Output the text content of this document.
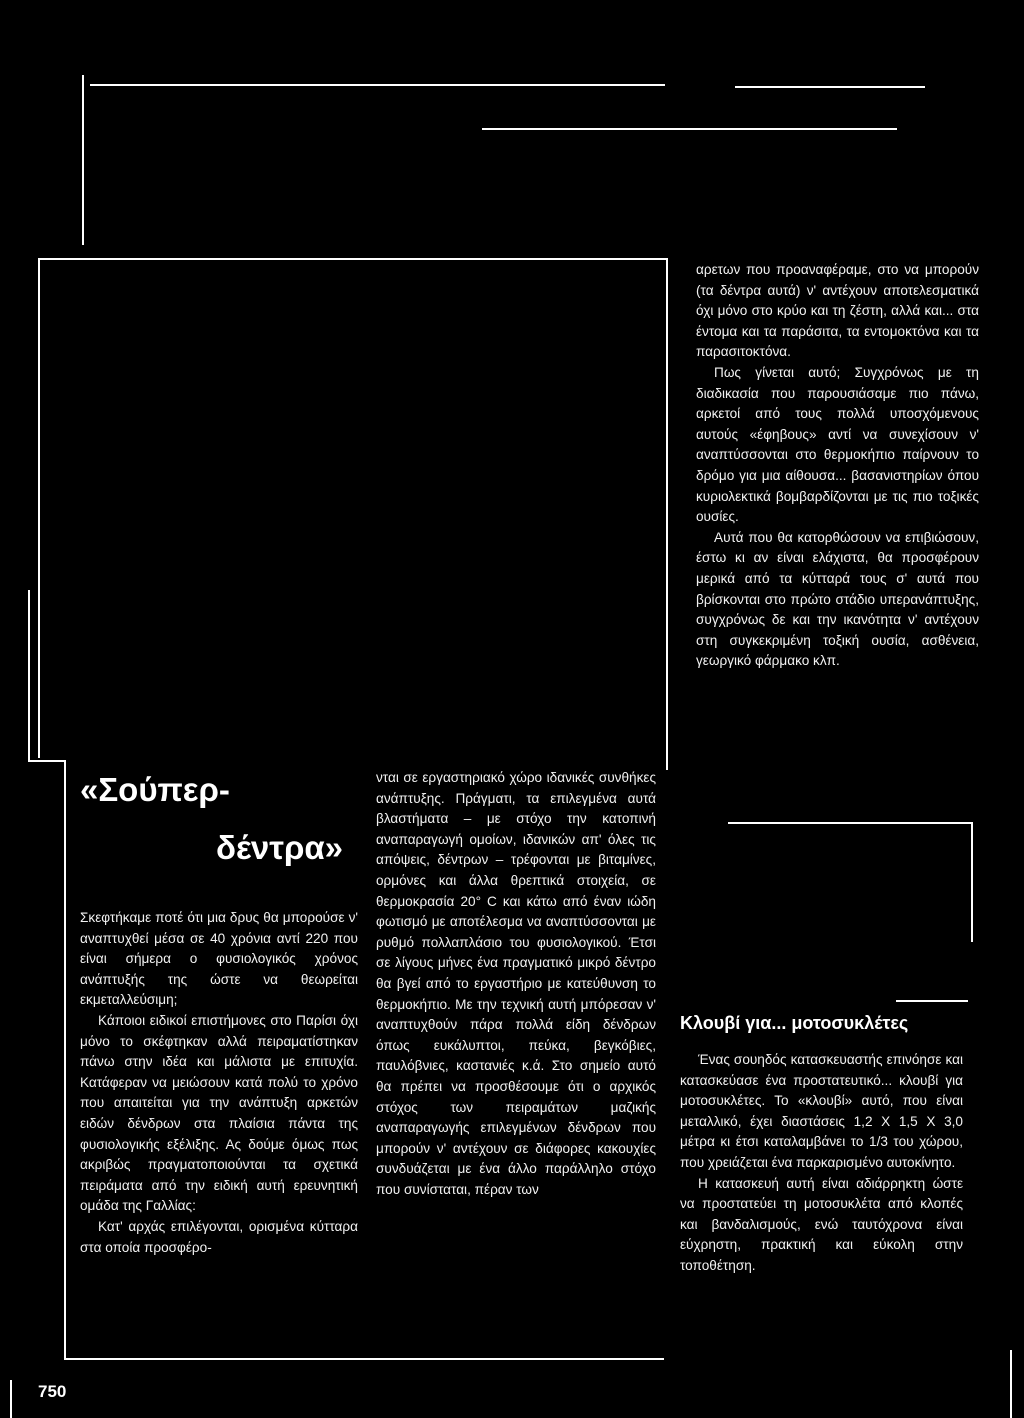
«Σούπερ-
δέντρα»

Σκεφτήκαμε ποτέ ότι μια δρυς θα μπορούσε ν' αναπτυχθεί μέσα σε 40 χρόνια αντί 220 που είναι σήμερα ο φυσιολογικός χρόνος ανάπτυξής της ώστε να θεωρείται εκμεταλλεύσιμη;

Κάποιοι ειδικοί επιστήμονες στο Παρίσι όχι μόνο το σκέφτηκαν αλλά πειραματίστηκαν πάνω στην ιδέα και μάλιστα με επιτυχία. Κατάφεραν να μειώσουν κατά πολύ το χρόνο που απαιτείται για την ανάπτυξη αρκετών ειδών δένδρων στα πλαίσια πάντα της φυσιολογικής εξέλιξης. Ας δούμε όμως πως ακριβώς πραγματοποιούνται τα σχετικά πειράματα από την ειδική αυτή ερευνητική ομάδα της Γαλλίας:

Κατ' αρχάς επιλέγονται, ορισμένα κύτταρα στα οποία προσφέρο-

νται σε εργαστηριακό χώρο ιδανικές συνθήκες ανάπτυξης. Πράγματι, τα επιλεγμένα αυτά βλαστήματα – με στόχο την κατοπινή αναπαραγωγή ομοίων, ιδανικών απ' όλες τις απόψεις, δέντρων – τρέφονται με βιταμίνες, ορμόνες και άλλα θρεπτικά στοιχεία, σε θερμοκρασία 20° C και κάτω από έναν ιώδη φωτισμό με αποτέλεσμα να αναπτύσσονται με ρυθμό πολλαπλάσιο του φυσιολογικού. Έτσι σε λίγους μήνες ένα πραγματικό μικρό δέντρο θα βγεί από το εργαστήριο με κατεύθυνση το θερμοκήπιο. Με την τεχνική αυτή μπόρεσαν ν' αναπτυχθούν πάρα πολλά είδη δένδρων όπως ευκάλυπτοι, πεύκα, βεγκόβιες, παυλόβνιες, καστανιές κ.ά. Στο σημείο αυτό θα πρέπει να προσθέσουμε ότι ο αρχικός στόχος των πειραμάτων μαζικής αναπαραγωγής επιλεγμένων δένδρων που μπορούν ν' αντέχουν σε διάφορες κακουχίες συνδυάζεται με ένα άλλο παράλληλο στόχο που συνίσταται, πέραν των

αρετων που προαναφέραμε, στο να μπορούν (τα δέντρα αυτά) ν' αντέχουν αποτελεσματικά όχι μόνο στο κρύο και τη ζέστη, αλλά και... στα έντομα και τα παράσιτα, τα εντομοκτόνα και τα παρασιτοκτόνα.

Πως γίνεται αυτό; Συγχρόνως με τη διαδικασία που παρουσιάσαμε πιο πάνω, αρκετοί από τους πολλά υποσχόμενους αυτούς «έφηβους» αντί να συνεχίσουν ν' αναπτύσσονται στο θερμοκήπιο παίρνουν το δρόμο για μια αίθουσα... βασανιστηρίων όπου κυριολεκτικά βομβαρδίζονται με τις πιο τοξικές ουσίες.

Αυτά που θα κατορθώσουν να επιβιώσουν, έστω κι αν είναι ελάχιστα, θα προσφέρουν μερικά από τα κύτταρά τους σ' αυτά που βρίσκονται στο πρώτο στάδιο υπερανάπτυξης, συγχρόνως δε και την ικανότητα ν' αντέχουν στη συγκεκριμένη τοξική ουσία, ασθένεια, γεωργικό φάρμακο κλπ.

Κλουβί για... μοτοσυκλέτες

Ένας σουηδός κατασκευαστής επινόησε και κατασκεύασε ένα προστατευτικό... κλουβί για μοτοσυκλέτες. Το «κλουβί» αυτό, που είναι μεταλλικό, έχει διαστάσεις 1,2 X 1,5 X 3,0 μέτρα κι έτσι καταλαμβάνει το 1/3 του χώρου, που χρειάζεται ένα παρκαρισμένο αυτοκίνητο.

Η κατασκευή αυτή είναι αδιάρρηκτη ώστε να προστατεύει τη μοτοσυκλέτα από κλοπές και βανδαλισμούς, ενώ ταυτόχρονα είναι εύχρηστη, πρακτική και εύκολη στην τοποθέτηση.

750
